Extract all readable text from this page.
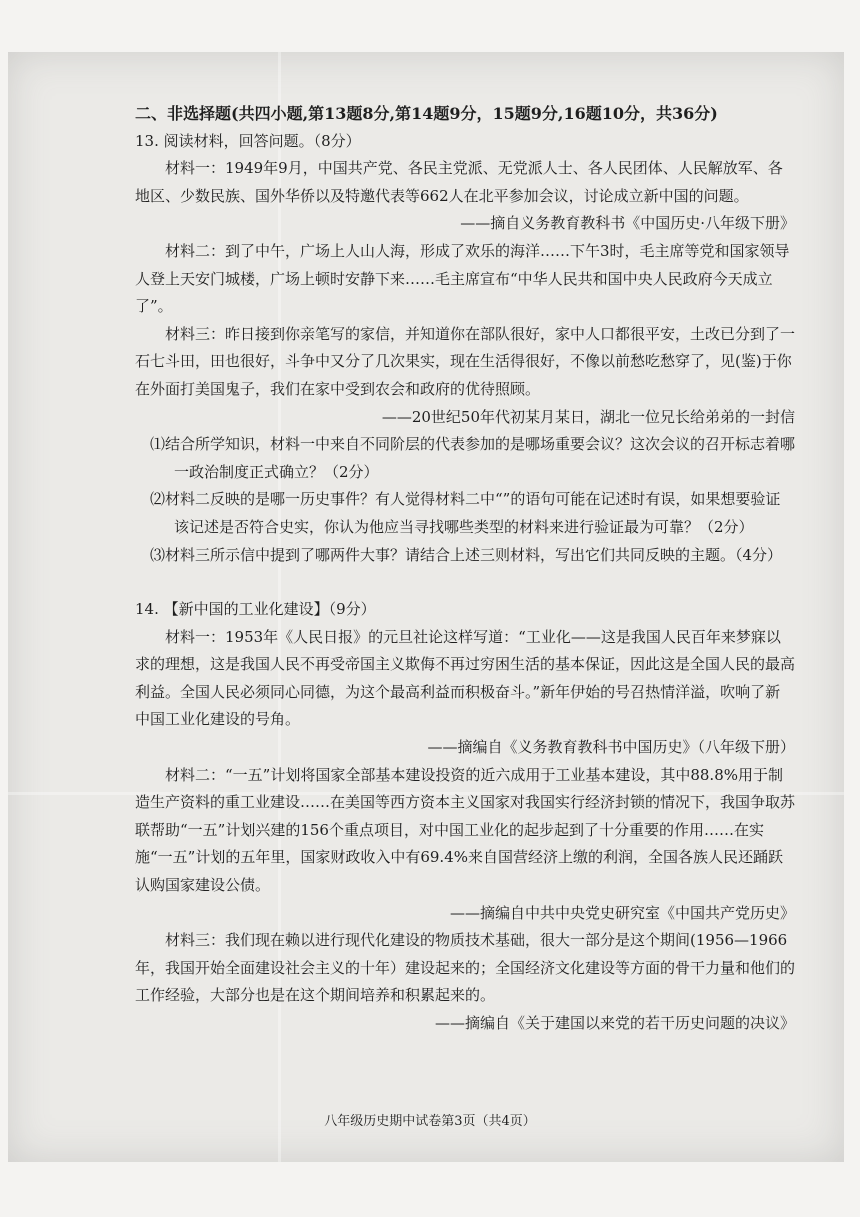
二、非选择题(共四小题,第13题8分,第14题9分，15题9分,16题10分，共36分)

13. 阅读材料，回答问题。（8分）

材料一：1949年9月，中国共产党、各民主党派、无党派人士、各人民团体、人民解放军、各地区、少数民族、国外华侨以及特邀代表等662人在北平参加会议，讨论成立新中国的问题。

——摘自义务教育教科书《中国历史·八年级下册》

材料二：到了中午，广场上人山人海，形成了欢乐的海洋……下午3时，毛主席等党和国家领导人登上天安门城楼，广场上顿时安静下来……毛主席宣布“中华人民共和国中央人民政府今天成立了”。

材料三：昨日接到你亲笔写的家信，并知道你在部队很好，家中人口都很平安，土改已分到了一石七斗田，田也很好，斗争中又分了几次果实，现在生活得很好，不像以前愁吃愁穿了，见(鉴)于你在外面打美国鬼子，我们在家中受到农会和政府的优待照顾。

——20世纪50年代初某月某日，湖北一位兄长给弟弟的一封信

⑴结合所学知识，材料一中来自不同阶层的代表参加的是哪场重要会议？这次会议的召开标志着哪一政治制度正式确立？（2分）

⑵材料二反映的是哪一历史事件？有人觉得材料二中“”的语句可能在记述时有误，如果想要验证该记述是否符合史实，你认为他应当寻找哪些类型的材料来进行验证最为可靠？（2分）

⑶材料三所示信中提到了哪两件大事？请结合上述三则材料，写出它们共同反映的主题。（4分）

14. 【新中国的工业化建设】（9分）

材料一：1953年《人民日报》的元旦社论这样写道：“工业化——这是我国人民百年来梦寐以求的理想，这是我国人民不再受帝国主义欺侮不再过穷困生活的基本保证，因此这是全国人民的最高利益。全国人民必须同心同德，为这个最高利益而积极奋斗。”新年伊始的号召热情洋溢，吹响了新中国工业化建设的号角。

——摘编自《义务教育教科书中国历史》（八年级下册）

材料二：“一五”计划将国家全部基本建设投资的近六成用于工业基本建设，其中88.8%用于制造生产资料的重工业建设……在美国等西方资本主义国家对我国实行经济封锁的情况下，我国争取苏联帮助“一五”计划兴建的156个重点项目，对中国工业化的起步起到了十分重要的作用……在实施“一五”计划的五年里，国家财政收入中有69.4%来自国营经济上缴的利润，全国各族人民还踊跃认购国家建设公债。

——摘编自中共中央党史研究室《中国共产党历史》

材料三：我们现在赖以进行现代化建设的物质技术基础，很大一部分是这个期间(1956—1966年，我国开始全面建设社会主义的十年）建设起来的；全国经济文化建设等方面的骨干力量和他们的工作经验，大部分也是在这个期间培养和积累起来的。

——摘编自《关于建国以来党的若干历史问题的决议》

八年级历史期中试卷第3页（共4页）
